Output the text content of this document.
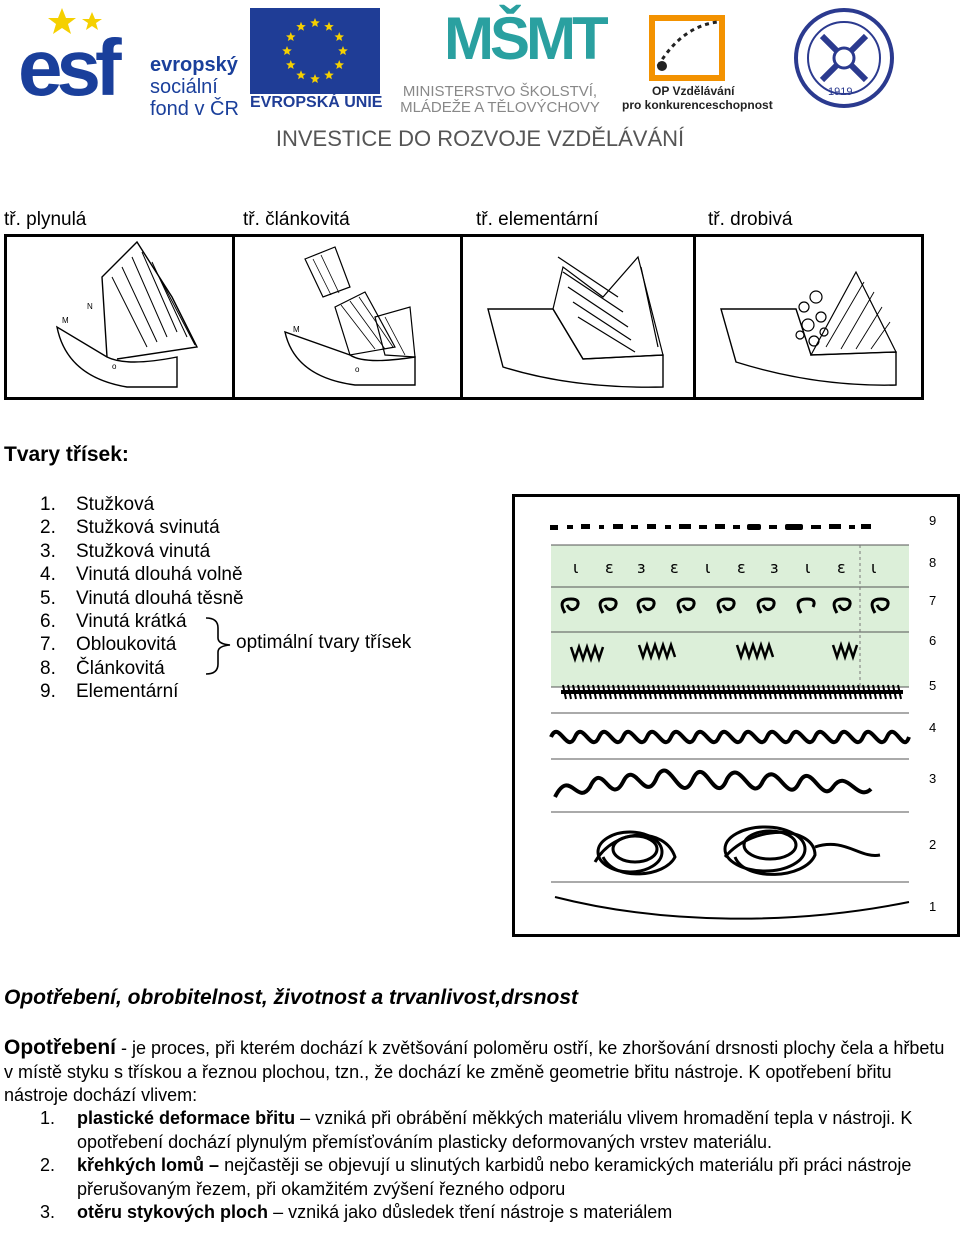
esf evropský
sociální
fond v ČR EVROPSKÁ UNIE
MŠMT
MINISTERSTVO ŠKOLSTVÍ,
MLÁDEŽE A TĚLOVÝCHOVY
OP Vzdělávání
pro konkurenceschopnost
1919
INVESTICE DO ROZVOJE VZDĚLÁVÁNÍ
tř. plynulá	tř. článkovitá	tř. elementární	tř. drobivá
N
M
o
M
o
Tvary třísek:
1.	Stužková
2.	Stužková svinutá
3.	Stužková vinutá
4.	Vinutá dlouhá volně
5.	Vinutá dlouhá těsně
6.	Vinutá krátká
7.	Obloukovitá
8.	Článkovitá
9.	Elementární
optimální tvary třísek
ɩ ɛ ɜ ɛ ɩ ɛ ɜ ɩ ɛ ɩ
9
8
7
6
5
4
3
2
1
Opotřebení, obrobitelnost, životnost a trvanlivost,drsnost
Opotřebení - je proces, při kterém dochází k zvětšování poloměru ostří, ke zhoršování drsnosti plochy čela a hřbetu v místě styku s třískou a řeznou plochou, tzn., že dochází ke změně geometrie břitu nástroje. K opotřebení břitu nástroje dochází vlivem:
1.	plastické deformace břitu – vzniká při obrábění měkkých materiálu vlivem hromadění tepla v nástroji. K opotřebení dochází plynulým přemísťováním plasticky deformovaných vrstev materiálu.
2.	křehkých lomů – nejčastěji se objevují u slinutých karbidů nebo keramických materiálu při práci nástroje přerušovaným řezem, při okamžitém zvýšení řezného odporu
3.	otěru stykových ploch – vzniká jako důsledek tření nástroje s materiálem
